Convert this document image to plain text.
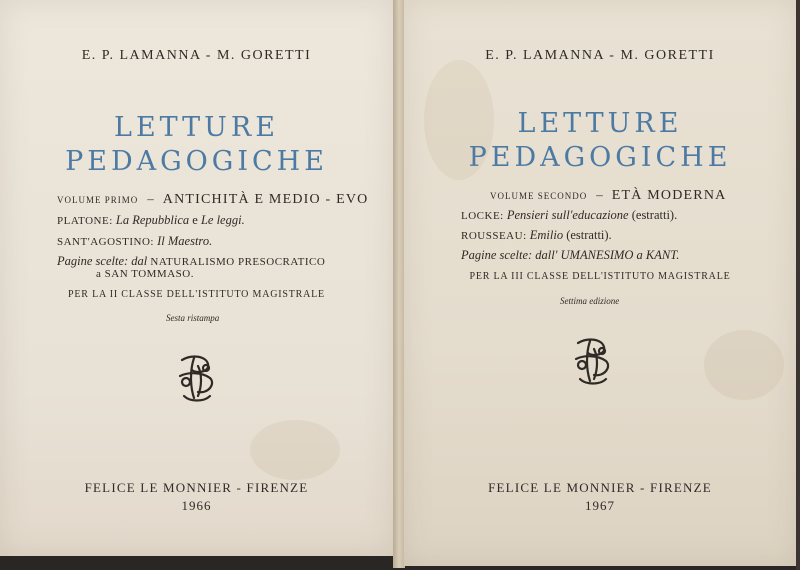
E. P. LAMANNA - M. GORETTI
LETTURE
PEDAGOGICHE
VOLUME PRIMO – ANTICHITÀ E MEDIO - EVO
PLATONE: La Repubblica e Le leggi.
SANT'AGOSTINO: Il Maestro.
Pagine scelte: dal NATURALISMO PRESOCRATICO
a SAN TOMMASO.
PER LA II CLASSE DELL'ISTITUTO MAGISTRALE
Sesta ristampa
FELICE LE MONNIER - FIRENZE
1966
E. P. LAMANNA - M. GORETTI
LETTURE
PEDAGOGICHE
VOLUME SECONDO – ETÀ MODERNA
LOCKE: Pensieri sull'educazione (estratti).
ROUSSEAU: Emilio (estratti).
Pagine scelte: dall' UMANESIMO a KANT.
PER LA III CLASSE DELL'ISTITUTO MAGISTRALE
Settima edizione
FELICE LE MONNIER - FIRENZE
1967
